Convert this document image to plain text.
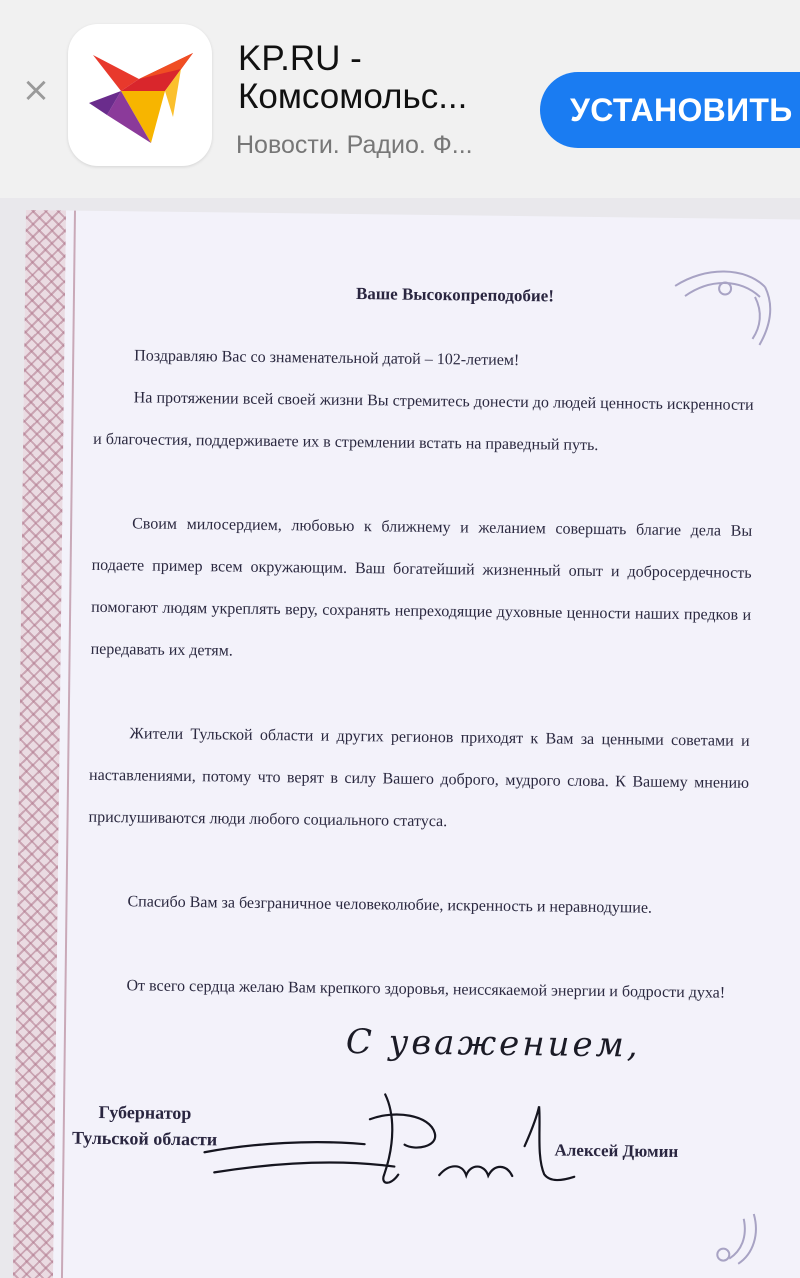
×
KP.RU -
Комсомольс...
Новости. Радио. Ф...
УСТАНОВИТЬ
Ваше Высокопреподобие!
Поздравляю Вас со знаменательной датой – 102-летием!
На протяжении всей своей жизни Вы стремитесь донести до людей ценность искренности и благочестия, поддерживаете их в стремлении встать на праведный путь.
Своим милосердием, любовью к ближнему и желанием совершать благие дела Вы подаете пример всем окружающим. Ваш богатейший жизненный опыт и добросердечность помогают людям укреплять веру, сохранять непреходящие духовные ценности наших предков и передавать их детям.
Жители Тульской области и других регионов приходят к Вам за ценными советами и наставлениями, потому что верят в силу Вашего доброго, мудрого слова. К Вашему мнению прислушиваются люди любого социального статуса.
Спасибо Вам за безграничное человеколюбие, искренность и неравнодушие.
От всего сердца желаю Вам крепкого здоровья, неиссякаемой энергии и бодрости духа!
С уважением,
Губернатор
Тульской области
Алексей Дюмин
